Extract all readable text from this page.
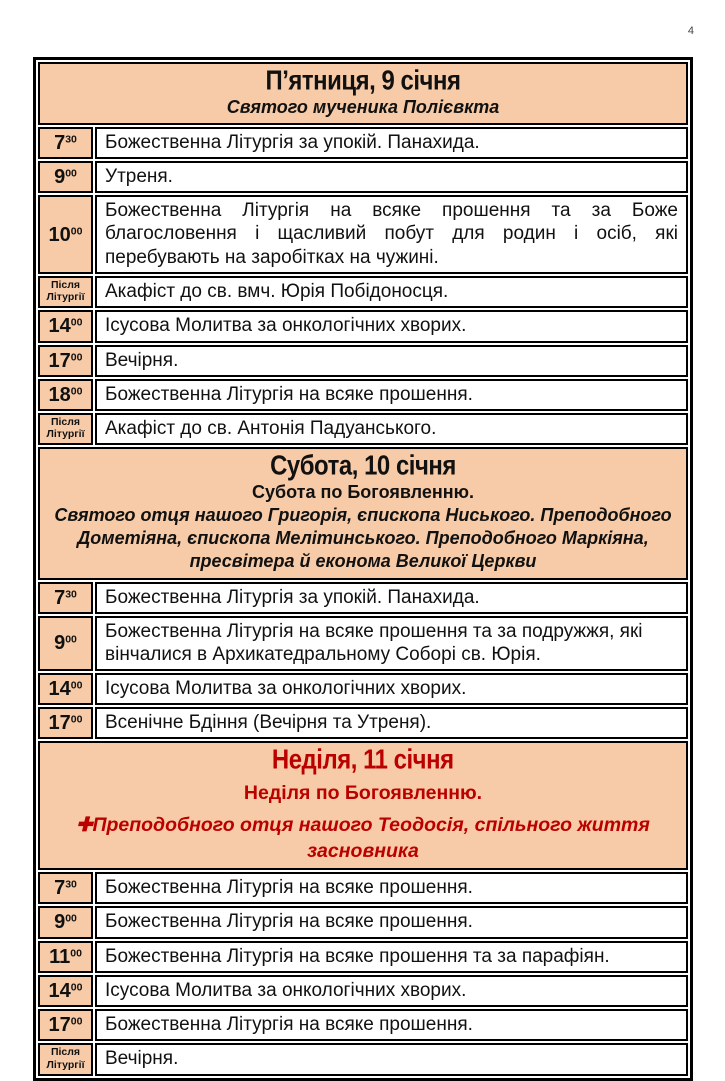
4
П’ятниця, 9 січня
Святого мученика Полієвкта	

$7^{30}$	Божественна Літургія за упокій. Панахида.
$9^{00}$	Утреня.
$10^{00}$	Божественна Літургія на всяке прошення та за Боже благословення і щасливий побут для родин і осіб, які перебувають на заробітках на чужині.
Після Літургії	Акафіст до св. вмч. Юрія Побідоносця.
$14^{00}$	Ісусова Молитва за онкологічних хворих.
$17^{00}$	Вечірня.
$18^{00}$	Божественна Літургія на всяке прошення.
Після Літургії	Акафіст до св. Антонія Падуанського.

Субота, 10 січня
Субота по Богоявленню.
Святого отця нашого Григорія, єпископа Ниського. Преподобного Дометіяна, єпископа Мелітинського. Преподобного Маркіяна, пресвітера й економа Великої Церкви	

$7^{30}$	Божественна Літургія за упокій. Панахида.
$9^{00}$	Божественна Літургія на всяке прошення та за подружжя, які вінчалися в Архикатедральному Соборі св. Юрія.
$14^{00}$	Ісусова Молитва за онкологічних хворих.
$17^{00}$	Всенічне Бдіння (Вечірня та Утреня).

Неділя, 11 січня
Неділя по Богоявленню.
✚Преподобного отця нашого Теодосія, спільного життя засновника	

$7^{30}$	Божественна Літургія на всяке прошення.
$9^{00}$	Божественна Літургія на всяке прошення.
$11^{00}$	Божественна Літургія на всяке прошення та за парафіян.
$14^{00}$	Ісусова Молитва за онкологічних хворих.
$17^{00}$	Божественна Літургія на всяке прошення.
Після Літургії	Вечірня.
